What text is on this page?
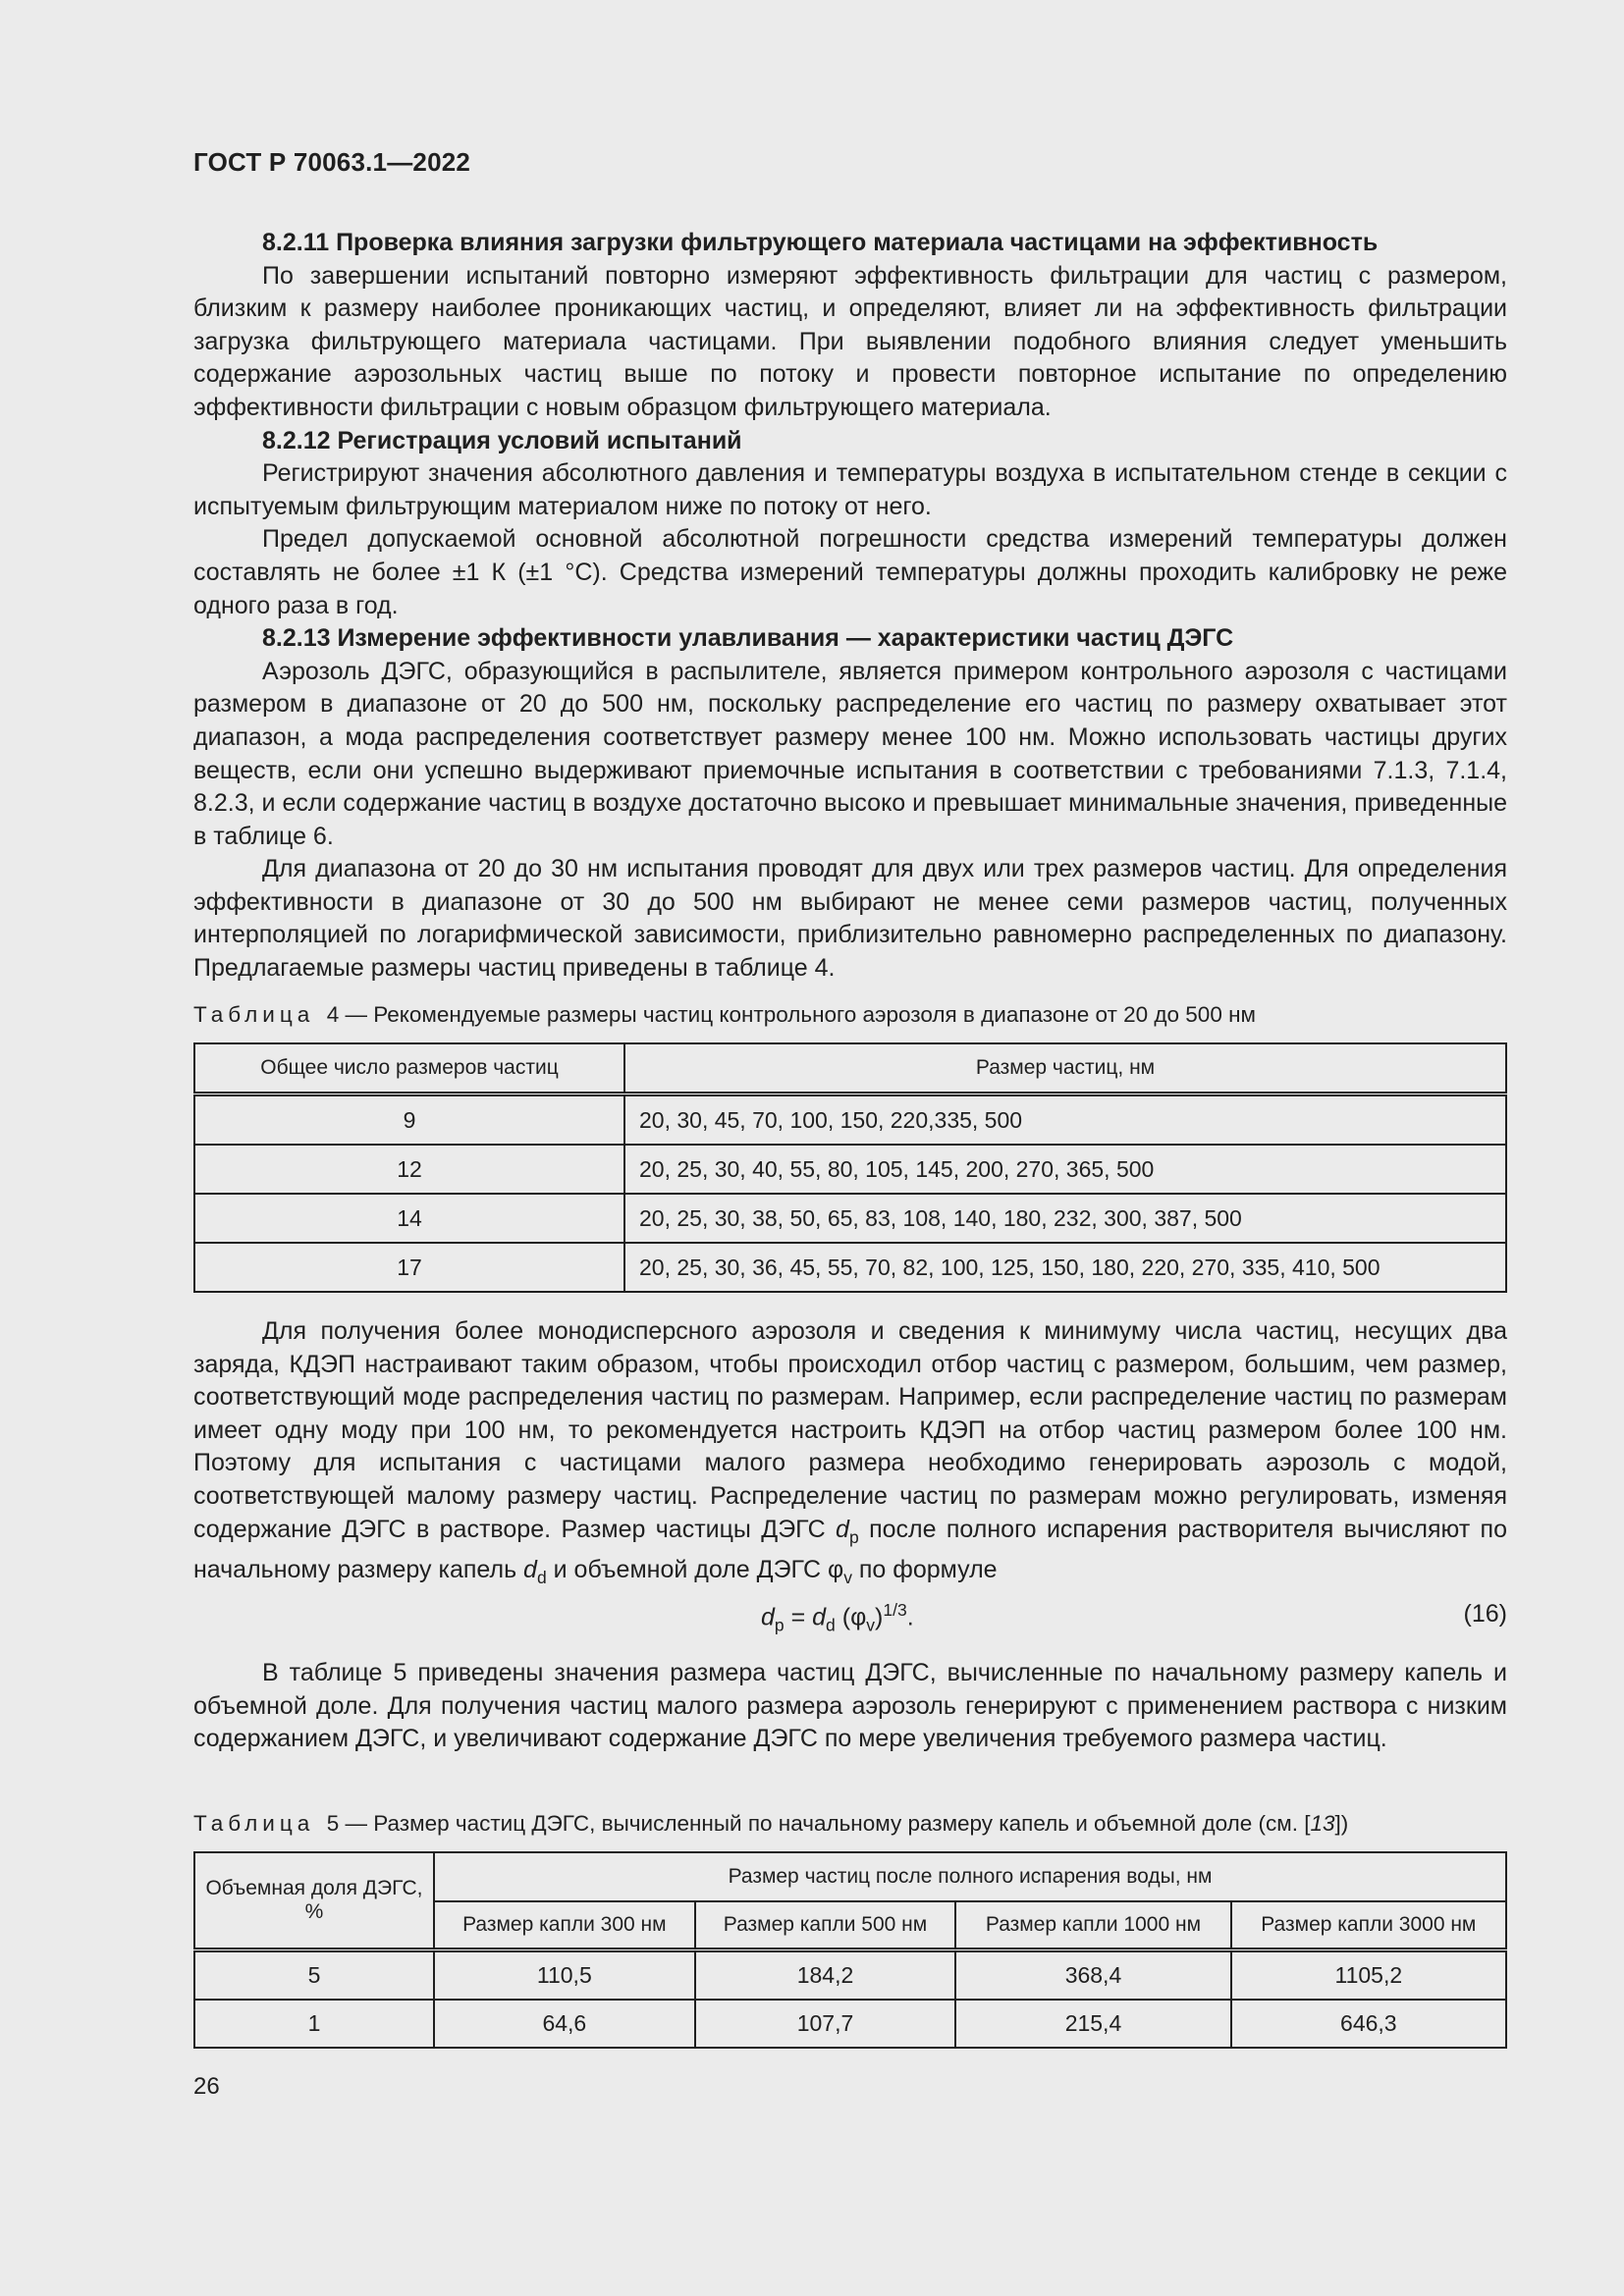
ГОСТ Р 70063.1—2022

8.2.11 Проверка влияния загрузки фильтрующего материала частицами на эффективность

По завершении испытаний повторно измеряют эффективность фильтрации для частиц с размером, близким к размеру наиболее проникающих частиц, и определяют, влияет ли на эффективность фильтрации загрузка фильтрующего материала частицами. При выявлении подобного влияния следует уменьшить содержание аэрозольных частиц выше по потоку и провести повторное испытание по определению эффективности фильтрации с новым образцом фильтрующего материала.

8.2.12 Регистрация условий испытаний

Регистрируют значения абсолютного давления и температуры воздуха в испытательном стенде в секции с испытуемым фильтрующим материалом ниже по потоку от него.

Предел допускаемой основной абсолютной погрешности средства измерений температуры должен составлять не более ±1 К (±1 °С). Средства измерений температуры должны проходить калибровку не реже одного раза в год.

8.2.13 Измерение эффективности улавливания — характеристики частиц ДЭГС

Аэрозоль ДЭГС, образующийся в распылителе, является примером контрольного аэрозоля с частицами размером в диапазоне от 20 до 500 нм, поскольку распределение его частиц по размеру охватывает этот диапазон, а мода распределения соответствует размеру менее 100 нм. Можно использовать частицы других веществ, если они успешно выдерживают приемочные испытания в соответствии с требованиями 7.1.3, 7.1.4, 8.2.3, и если содержание частиц в воздухе достаточно высоко и превышает минимальные значения, приведенные в таблице 6.

Для диапазона от 20 до 30 нм испытания проводят для двух или трех размеров частиц. Для определения эффективности в диапазоне от 30 до 500 нм выбирают не менее семи размеров частиц, полученных интерполяцией по логарифмической зависимости, приблизительно равномерно распределенных по диапазону. Предлагаемые размеры частиц приведены в таблице 4.

Таблица 4 — Рекомендуемые размеры частиц контрольного аэрозоля в диапазоне от 20 до 500 нм
Общее число размеров частиц	Размер частиц, нм
9	20, 30, 45, 70, 100, 150, 220,335, 500
12	20, 25, 30, 40, 55, 80, 105, 145, 200, 270, 365, 500
14	20, 25, 30, 38, 50, 65, 83, 108, 140, 180, 232, 300, 387, 500
17	20, 25, 30, 36, 45, 55, 70, 82, 100, 125, 150, 180, 220, 270, 335, 410, 500

Для получения более монодисперсного аэрозоля и сведения к минимуму числа частиц, несущих два заряда, КДЭП настраивают таким образом, чтобы происходил отбор частиц с размером, большим, чем размер, соответствующий моде распределения частиц по размерам. Например, если распределение частиц по размерам имеет одну моду при 100 нм, то рекомендуется настроить КДЭП на отбор частиц размером более 100 нм. Поэтому для испытания с частицами малого размера необходимо генерировать аэрозоль с модой, соответствующей малому размеру частиц. Распределение частиц по размерам можно регулировать, изменяя содержание ДЭГС в растворе. Размер частицы ДЭГС $d_p$ после полного испарения растворителя вычисляют по начальному размеру капель $d_d$ и объемной доле ДЭГС $\varphi_v$ по формуле

$d_p = d_d$ $(\varphi_v)^{1/3}$.	(16)

В таблице 5 приведены значения размера частиц ДЭГС, вычисленные по начальному размеру капель и объемной доле. Для получения частиц малого размера аэрозоль генерируют с применением раствора с низким содержанием ДЭГС, и увеличивают содержание ДЭГС по мере увеличения требуемого размера частиц.

Таблица 5 — Размер частиц ДЭГС, вычисленный по начальному размеру капель и объемной доле (см. [13])
Объемная доля ДЭГС, %	Размер частиц после полного испарения воды, нм			
	Размер капли 300 нм	Размер капли 500 нм	Размер капли 1000 нм	Размер капли 3000 нм
5	110,5	184,2	368,4	1105,2
1	64,6	107,7	215,4	646,3
26
